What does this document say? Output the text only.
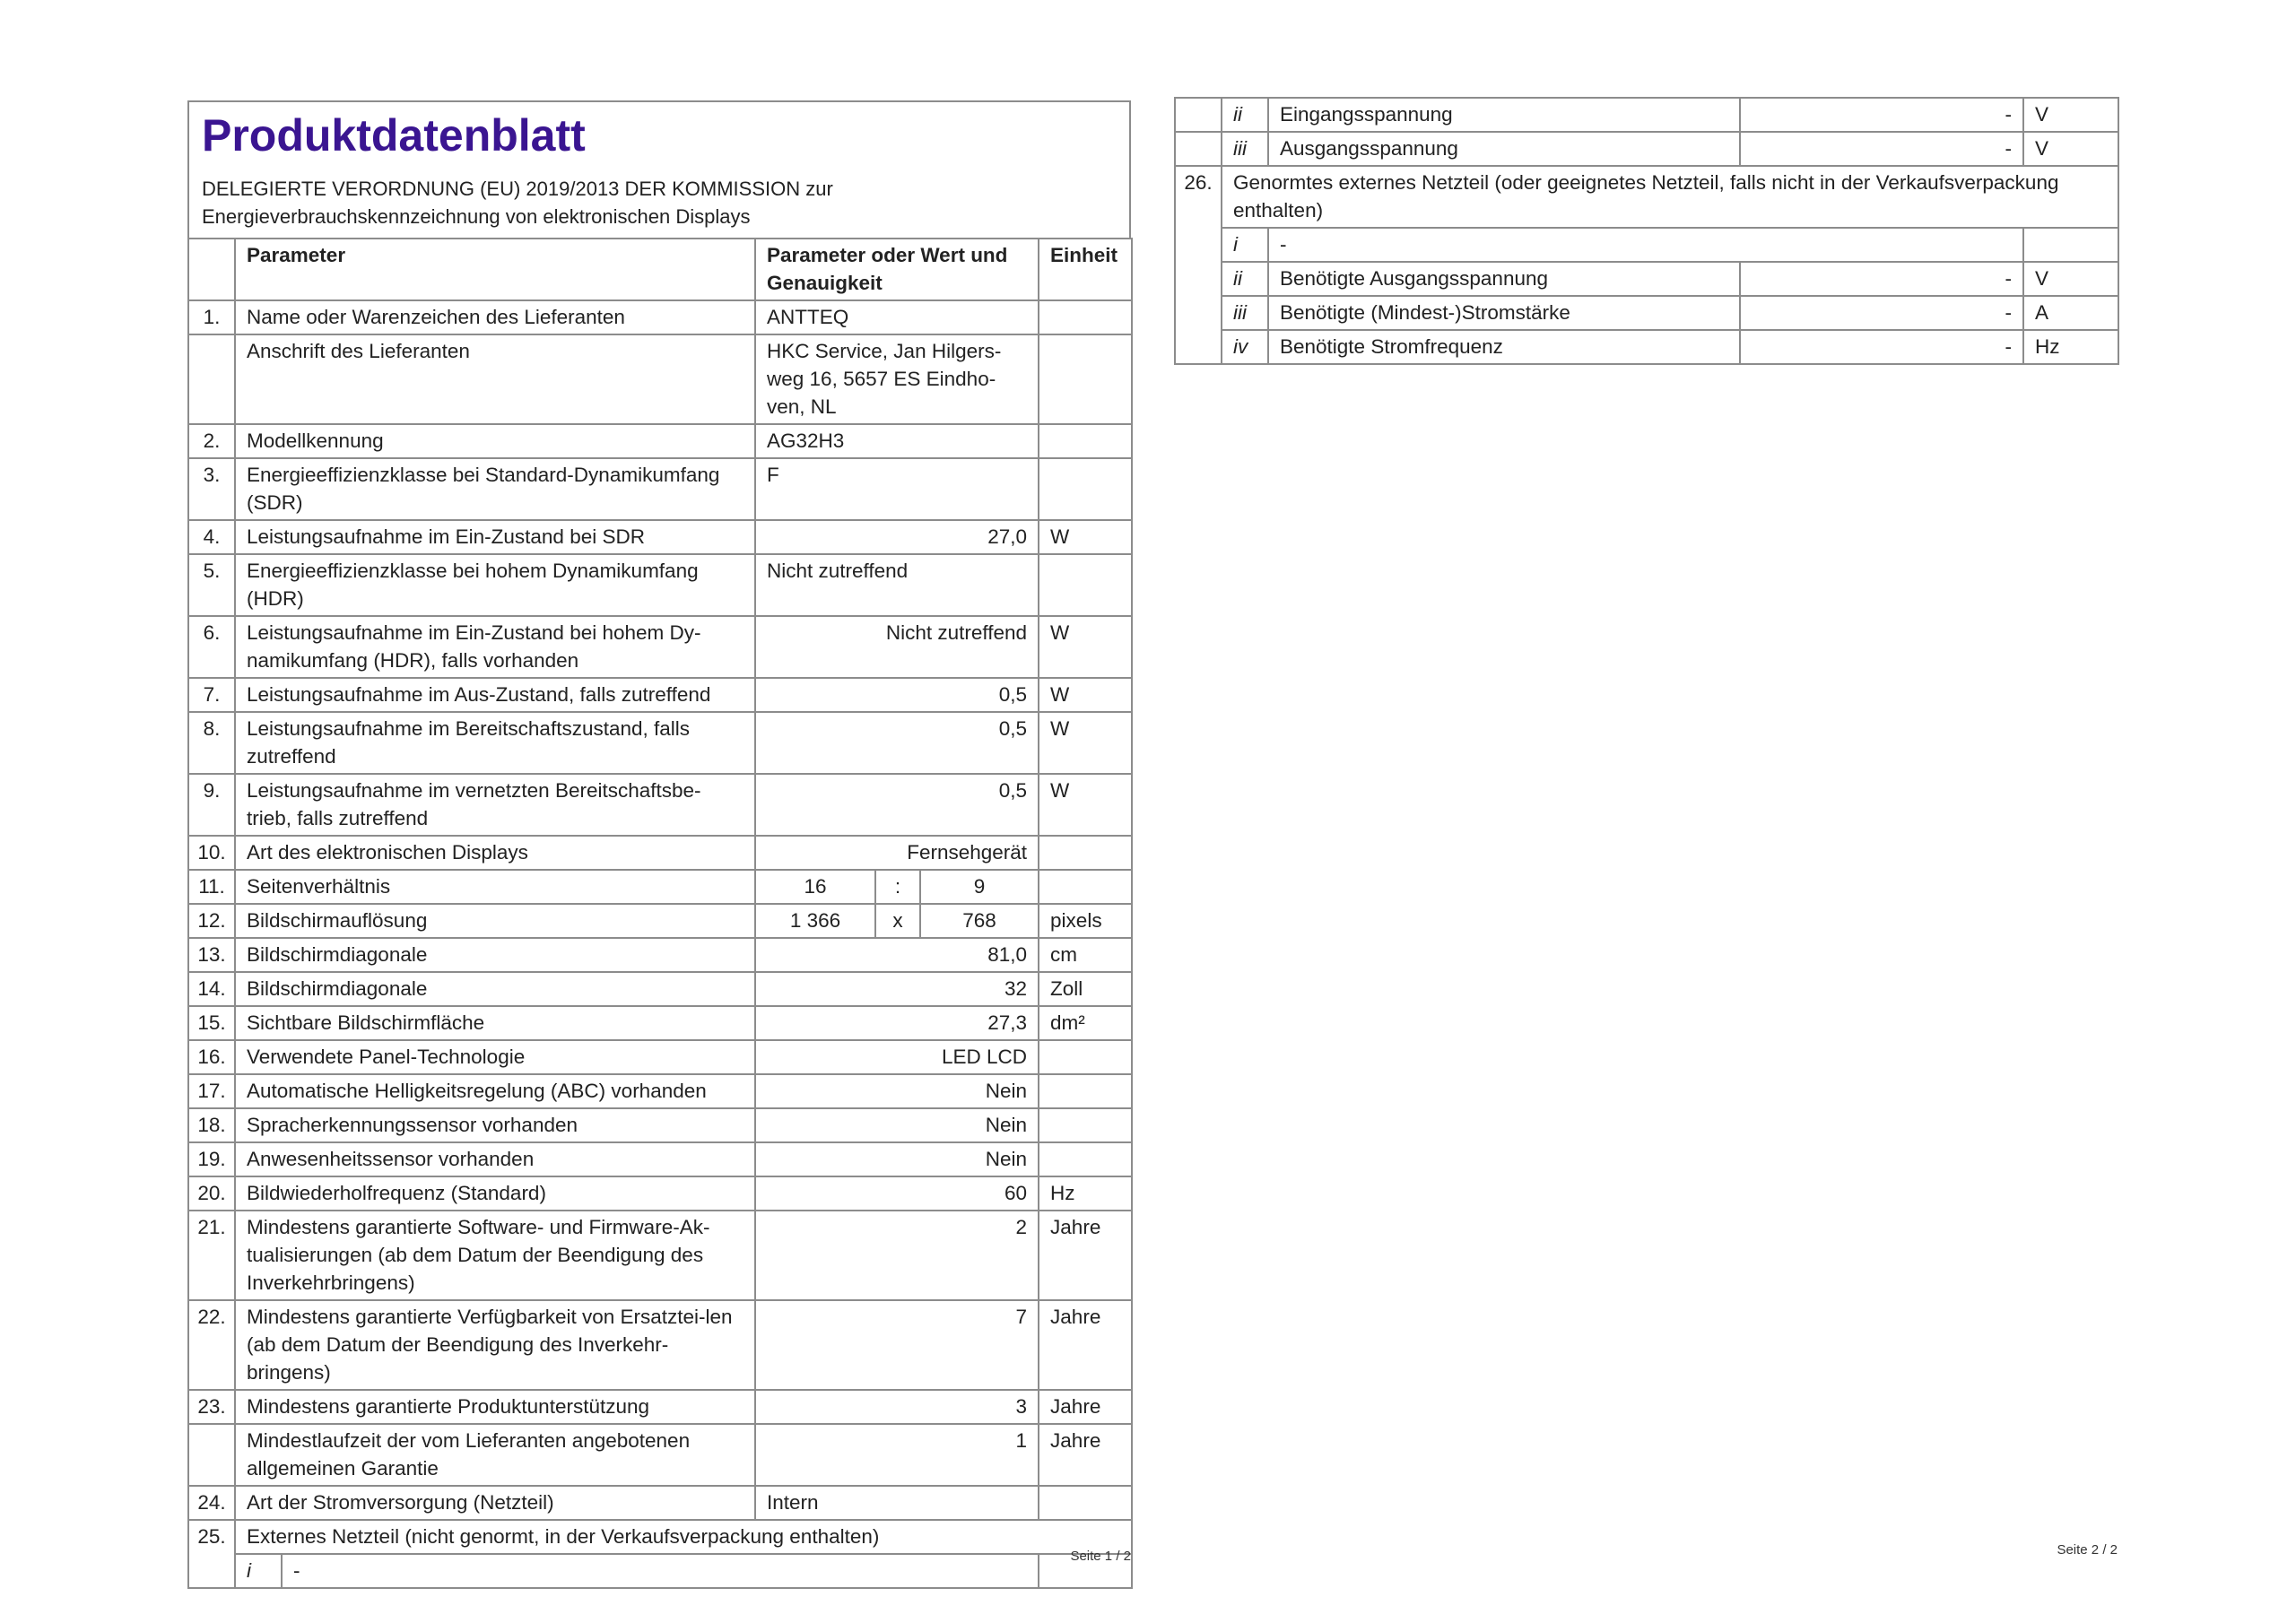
Produktdatenblatt
DELEGIERTE VERORDNUNG (EU) 2019/2013 DER KOMMISSION zur
Energieverbrauchskennzeichnung von elektronischen Displays
	Parameter		Parameter oder Wert und Genauigkeit			Einheit
1.	Name oder Warenzeichen des Lieferanten		ANTTEQ			
	Anschrift des Lieferanten		HKC Service, Jan Hilgers-weg 16, 5657 ES Eindho-ven, NL			
2.	Modellkennung		AG32H3			
3.	Energieeffizienzklasse bei Standard-Dynamikumfang (SDR)		F			
4.	Leistungsaufnahme im Ein-Zustand bei SDR		27,0			W
5.	Energieeffizienzklasse bei hohem Dynamikumfang (HDR)		Nicht zutreffend			
6.	Leistungsaufnahme im Ein-Zustand bei hohem Dy-namikumfang (HDR), falls vorhanden		Nicht zutreffend			W
7.	Leistungsaufnahme im Aus-Zustand, falls zutreffend		0,5			W
8.	Leistungsaufnahme im Bereitschaftszustand, falls zutreffend		0,5			W
9.	Leistungsaufnahme im vernetzten Bereitschaftsbe-trieb, falls zutreffend		0,5			W
10.	Art des elektronischen Displays		Fernsehgerät			
11.	Seitenverhältnis		16	:	9	
12.	Bildschirmauflösung		1 366	x	768	pixels
13.	Bildschirmdiagonale		81,0			cm
14.	Bildschirmdiagonale		32			Zoll
15.	Sichtbare Bildschirmfläche		27,3			dm²
16.	Verwendete Panel-Technologie		LED LCD			
17.	Automatische Helligkeitsregelung (ABC) vorhanden		Nein			
18.	Spracherkennungssensor vorhanden		Nein			
19.	Anwesenheitssensor vorhanden		Nein			
20.	Bildwiederholfrequenz (Standard)		60			Hz
21.	Mindestens garantierte Software- und Firmware-Ak-tualisierungen (ab dem Datum der Beendigung des Inverkehrbringens)		2			Jahre
22.	Mindestens garantierte Verfügbarkeit von Ersatztei-len (ab dem Datum der Beendigung des Inverkehr-bringens)		7			Jahre
23.	Mindestens garantierte Produktunterstützung		3			Jahre
	Mindestlaufzeit der vom Lieferanten angebotenen allgemeinen Garantie		1			Jahre
24.	Art der Stromversorgung (Netzteil)		Intern			
25.	Externes Netzteil (nicht genormt, in der Verkaufsverpackung enthalten)					
	i	-				
Seite 1 / 2
	ii	Eingangsspannung	-	V
	iii	Ausgangsspannung	-	V
26.	Genormtes externes Netzteil (oder geeignetes Netzteil, falls nicht in der Verkaufsverpackung enthalten)			
	i	-		
	ii	Benötigte Ausgangsspannung	-	V
	iii	Benötigte (Mindest-)Stromstärke	-	A
	iv	Benötigte Stromfrequenz	-	Hz
Seite 2 / 2
